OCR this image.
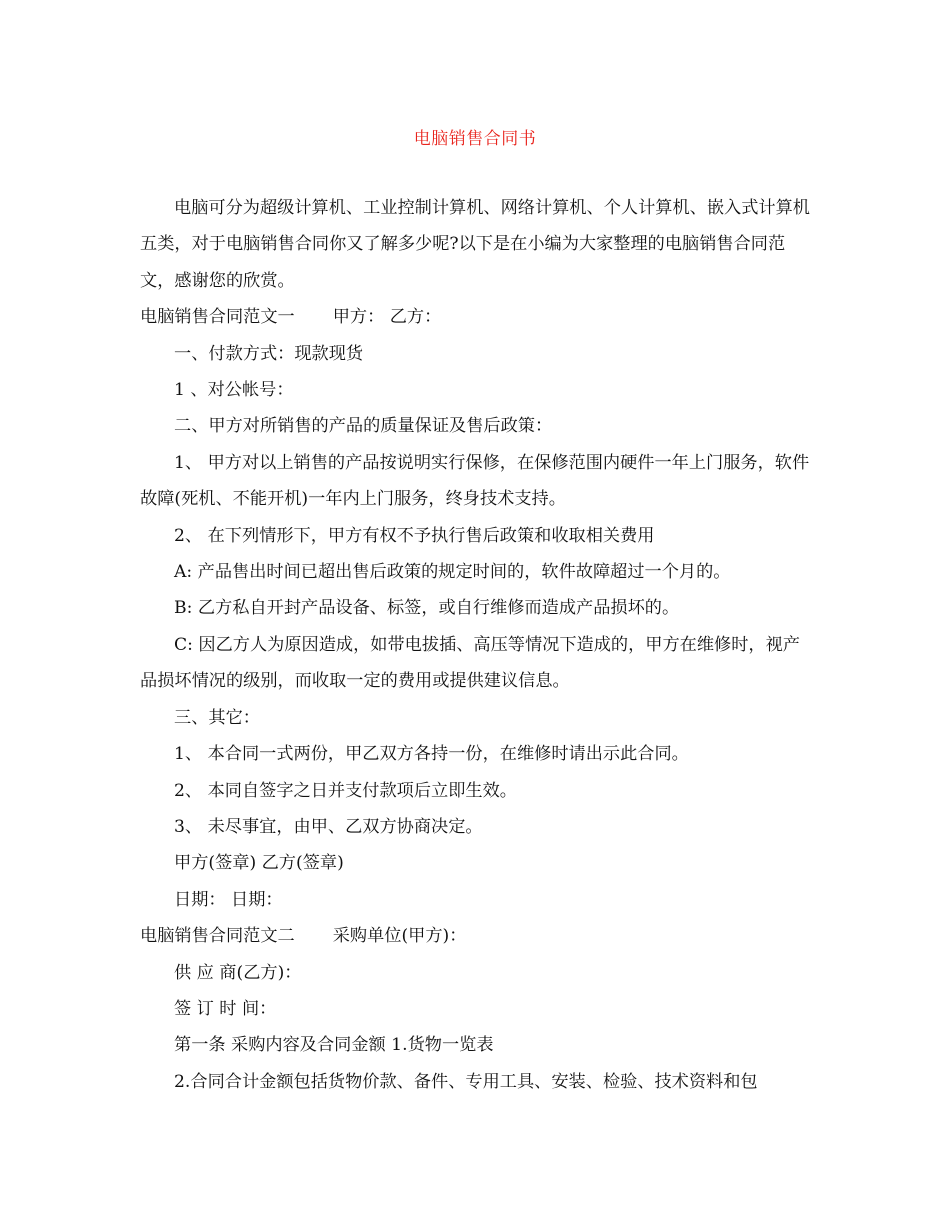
电脑销售合同书

电脑可分为超级计算机、工业控制计算机、网络计算机、个人计算机、嵌入式计算机五类，对于电脑销售合同你又了解多少呢?以下是在小编为大家整理的电脑销售合同范文，感谢您的欣赏。

电脑销售合同范文一 甲方： 乙方：

一、付款方式：现款现货

1 、对公帐号：

二、甲方对所销售的产品的质量保证及售后政策：

1、 甲方对以上销售的产品按说明实行保修，在保修范围内硬件一年上门服务，软件故障(死机、不能开机)一年内上门服务，终身技术支持。

2、 在下列情形下，甲方有权不予执行售后政策和收取相关费用

A: 产品售出时间已超出售后政策的规定时间的，软件故障超过一个月的。

B: 乙方私自开封产品设备、标签，或自行维修而造成产品损坏的。

C: 因乙方人为原因造成，如带电拔插、高压等情况下造成的，甲方在维修时，视产品损坏情况的级别，而收取一定的费用或提供建议信息。

三、其它：

1、 本合同一式两份，甲乙双方各持一份，在维修时请出示此合同。

2、 本同自签字之日并支付款项后立即生效。

3、 未尽事宜，由甲、乙双方协商决定。

甲方(签章) 乙方(签章)

日期： 日期：

电脑销售合同范文二 采购单位(甲方)：

供 应 商(乙方)：

签 订 时 间：

第一条 采购内容及合同金额 1.货物一览表

2.合同合计金额包括货物价款、备件、专用工具、安装、检验、技术资料和包
